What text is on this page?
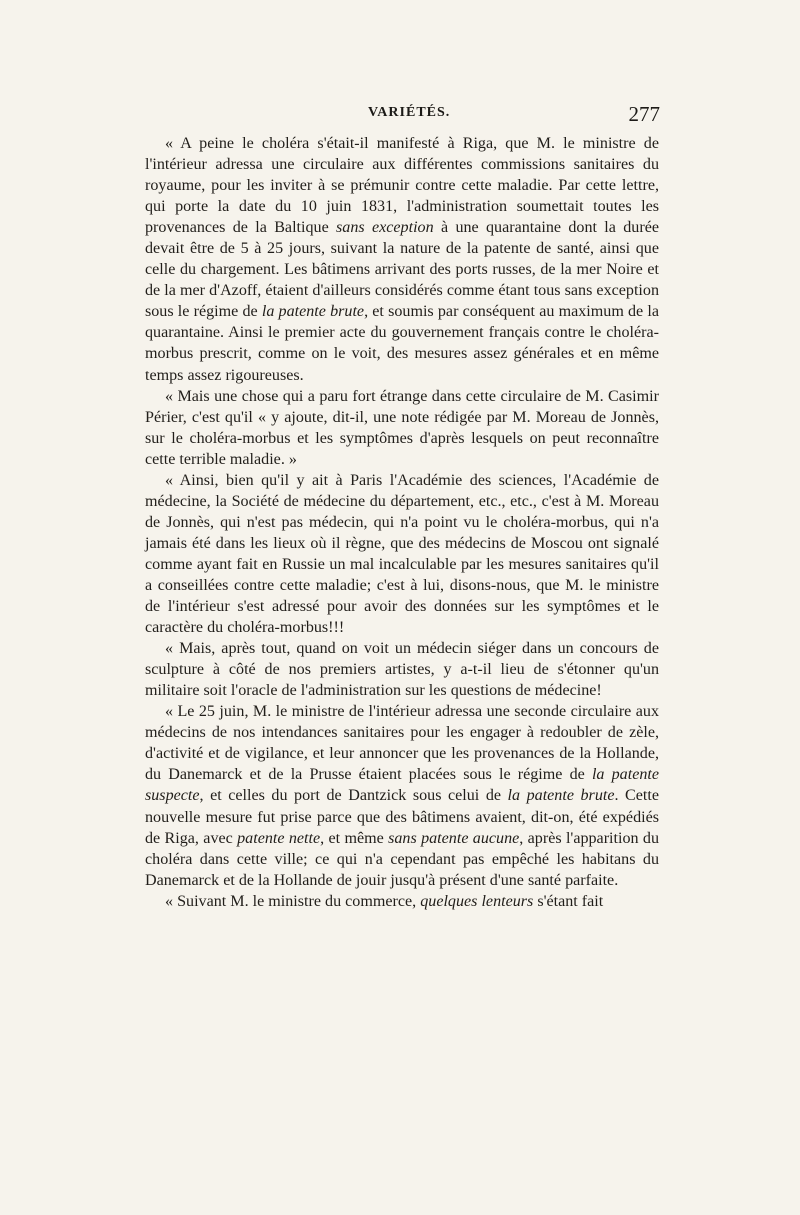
VARIÉTÉS.	277

« A peine le choléra s'était-il manifesté à Riga, que M. le ministre de l'intérieur adressa une circulaire aux différentes commissions sanitaires du royaume, pour les inviter à se prémunir contre cette maladie. Par cette lettre, qui porte la date du 10 juin 1831, l'administration soumettait toutes les provenances de la Baltique sans exception à une quarantaine dont la durée devait être de 5 à 25 jours, suivant la nature de la patente de santé, ainsi que celle du chargement. Les bâtimens arrivant des ports russes, de la mer Noire et de la mer d'Azoff, étaient d'ailleurs considérés comme étant tous sans exception sous le régime de la patente brute, et soumis par conséquent au maximum de la quarantaine. Ainsi le premier acte du gouvernement français contre le choléra-morbus prescrit, comme on le voit, des mesures assez générales et en même temps assez rigoureuses.

« Mais une chose qui a paru fort étrange dans cette circulaire de M. Casimir Périer, c'est qu'il « y ajoute, dit-il, une note rédigée par M. Moreau de Jonnès, sur le choléra-morbus et les symptômes d'après lesquels on peut reconnaître cette terrible maladie. »

« Ainsi, bien qu'il y ait à Paris l'Académie des sciences, l'Académie de médecine, la Société de médecine du département, etc., etc., c'est à M. Moreau de Jonnès, qui n'est pas médecin, qui n'a point vu le choléra-morbus, qui n'a jamais été dans les lieux où il règne, que des médecins de Moscou ont signalé comme ayant fait en Russie un mal incalculable par les mesures sanitaires qu'il a conseillées contre cette maladie; c'est à lui, disons-nous, que M. le ministre de l'intérieur s'est adressé pour avoir des données sur les symptômes et le caractère du choléra-morbus!!!

« Mais, après tout, quand on voit un médecin siéger dans un concours de sculpture à côté de nos premiers artistes, y a-t-il lieu de s'étonner qu'un militaire soit l'oracle de l'administration sur les questions de médecine!

« Le 25 juin, M. le ministre de l'intérieur adressa une seconde circulaire aux médecins de nos intendances sanitaires pour les engager à redoubler de zèle, d'activité et de vigilance, et leur annoncer que les provenances de la Hollande, du Danemarck et de la Prusse étaient placées sous le régime de la patente suspecte, et celles du port de Dantzick sous celui de la patente brute. Cette nouvelle mesure fut prise parce que des bâtimens avaient, dit-on, été expédiés de Riga, avec patente nette, et même sans patente aucune, après l'apparition du choléra dans cette ville; ce qui n'a cependant pas empêché les habitans du Danemarck et de la Hollande de jouir jusqu'à présent d'une santé parfaite.

« Suivant M. le ministre du commerce, quelques lenteurs s'étant fait
